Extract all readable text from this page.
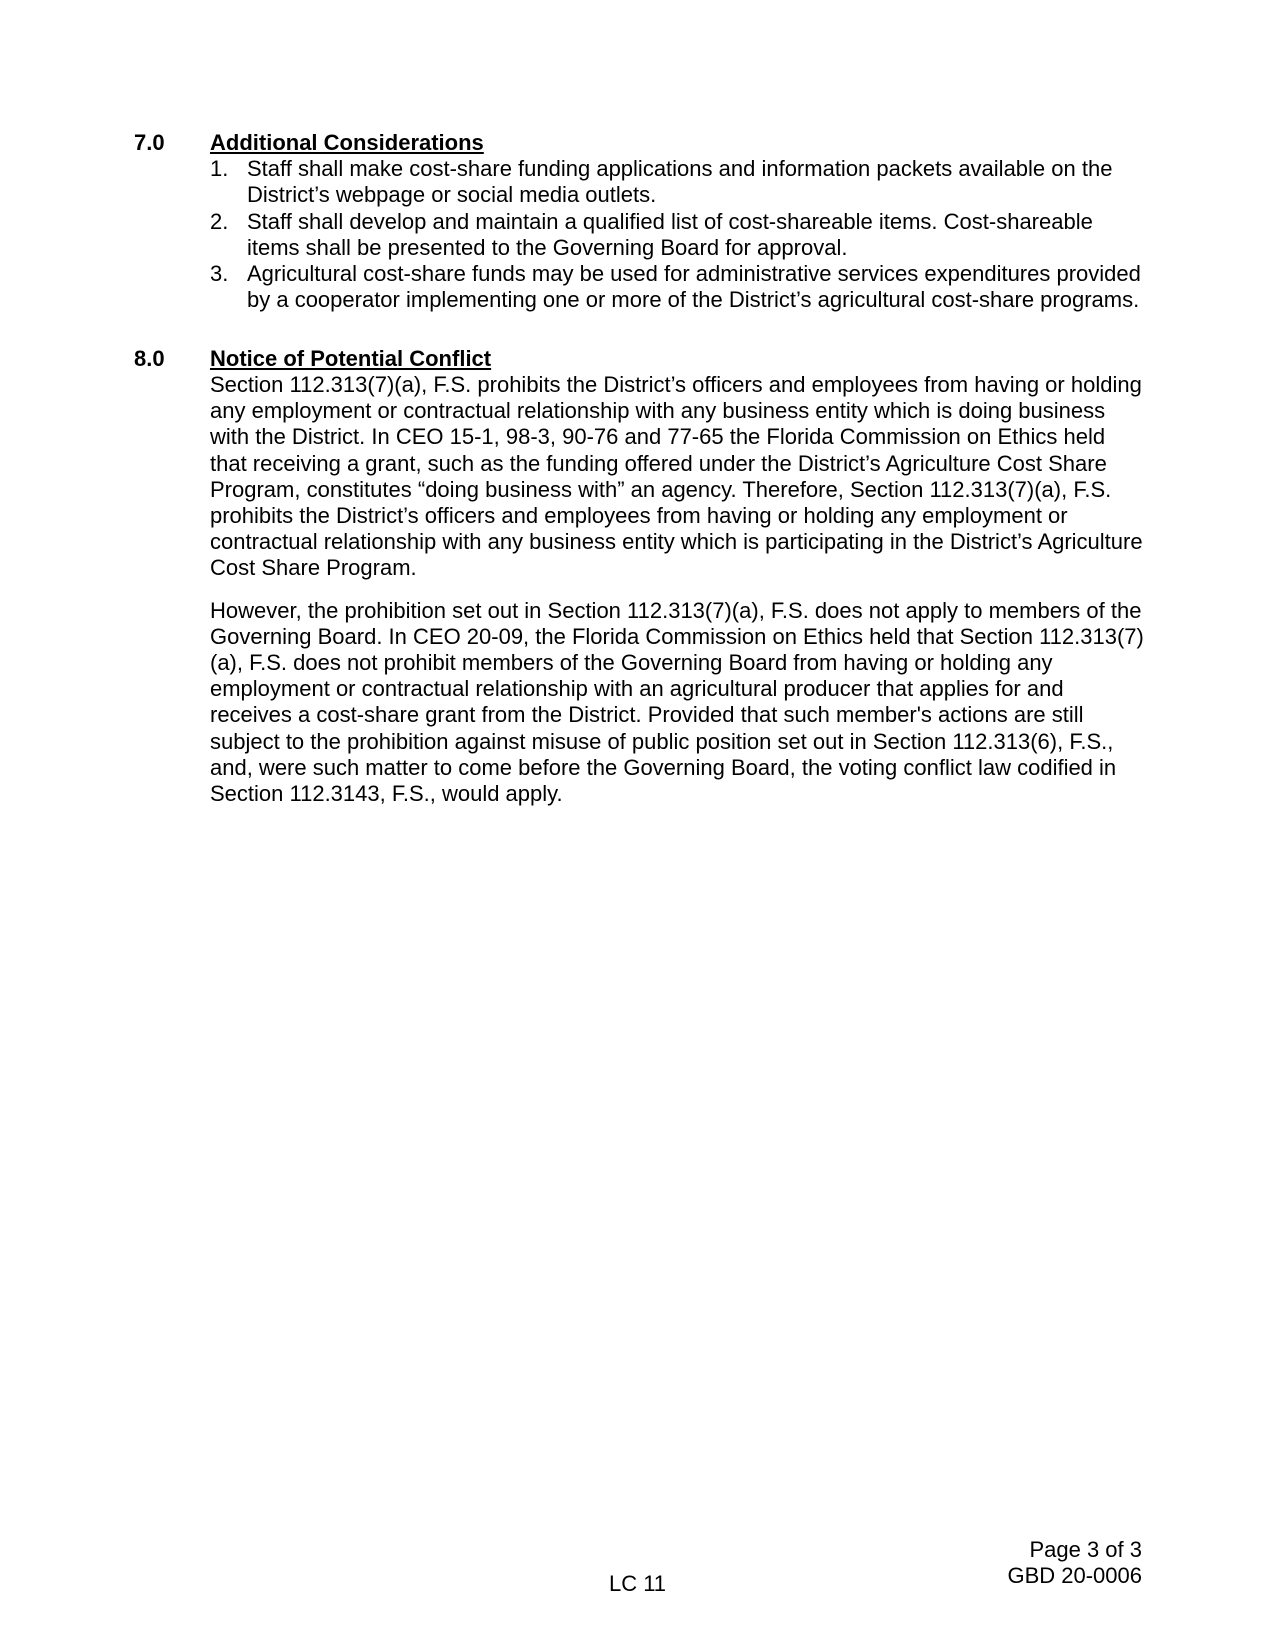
7.0	Additional Considerations
1. Staff shall make cost-share funding applications and information packets available on the District’s webpage or social media outlets.
2. Staff shall develop and maintain a qualified list of cost-shareable items. Cost-shareable items shall be presented to the Governing Board for approval.
3. Agricultural cost-share funds may be used for administrative services expenditures provided by a cooperator implementing one or more of the District’s agricultural cost-share programs.
8.0	Notice of Potential Conflict

Section 112.313(7)(a), F.S. prohibits the District’s officers and employees from having or holding any employment or contractual relationship with any business entity which is doing business with the District. In CEO 15-1, 98-3, 90-76 and 77-65 the Florida Commission on Ethics held that receiving a grant, such as the funding offered under the District’s Agriculture Cost Share Program, constitutes “doing business with” an agency. Therefore, Section 112.313(7)(a), F.S. prohibits the District’s officers and employees from having or holding any employment or contractual relationship with any business entity which is participating in the District’s Agriculture Cost Share Program.

However, the prohibition set out in Section 112.313(7)(a), F.S. does not apply to members of the Governing Board. In CEO 20-09, the Florida Commission on Ethics held that Section 112.313(7)(a), F.S. does not prohibit members of the Governing Board from having or holding any employment or contractual relationship with an agricultural producer that applies for and receives a cost-share grant from the District. Provided that such member's actions are still subject to the prohibition against misuse of public position set out in Section 112.313(6), F.S., and, were such matter to come before the Governing Board, the voting conflict law codified in Section 112.3143, F.S., would apply.

LC 11
Page 3 of 3
GBD 20-0006
